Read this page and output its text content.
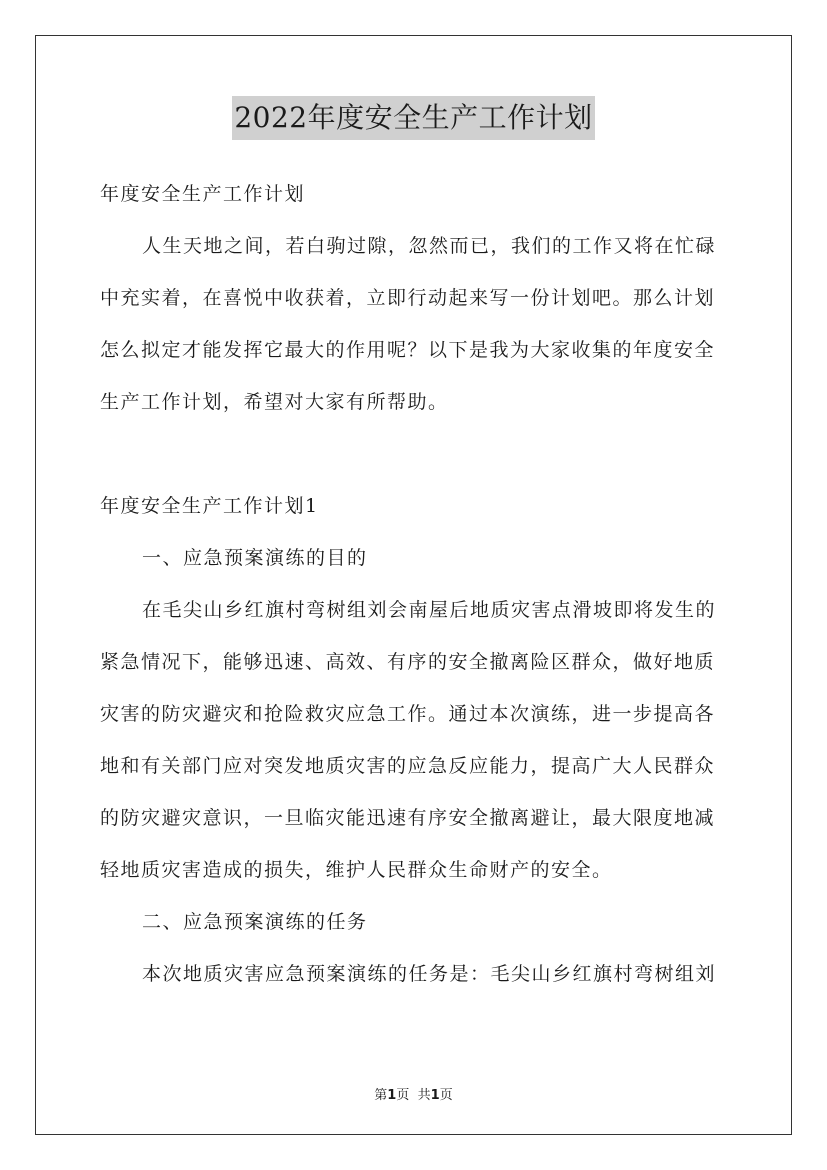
2022年度安全生产工作计划
年度安全生产工作计划
人生天地之间，若白驹过隙，忽然而已，我们的工作又将在忙碌
中充实着，在喜悦中收获着，立即行动起来写一份计划吧。那么计划
怎么拟定才能发挥它最大的作用呢？以下是我为大家收集的年度安全
生产工作计划，希望对大家有所帮助。
年度安全生产工作计划1
一、应急预案演练的目的
在毛尖山乡红旗村弯树组刘会南屋后地质灾害点滑坡即将发生的
紧急情况下，能够迅速、高效、有序的安全撤离险区群众，做好地质
灾害的防灾避灾和抢险救灾应急工作。通过本次演练，进一步提高各
地和有关部门应对突发地质灾害的应急反应能力，提高广大人民群众
的防灾避灾意识，一旦临灾能迅速有序安全撤离避让，最大限度地减
轻地质灾害造成的损失，维护人民群众生命财产的安全。
二、应急预案演练的任务
本次地质灾害应急预案演练的任务是：毛尖山乡红旗村弯树组刘
第1页 共1页
